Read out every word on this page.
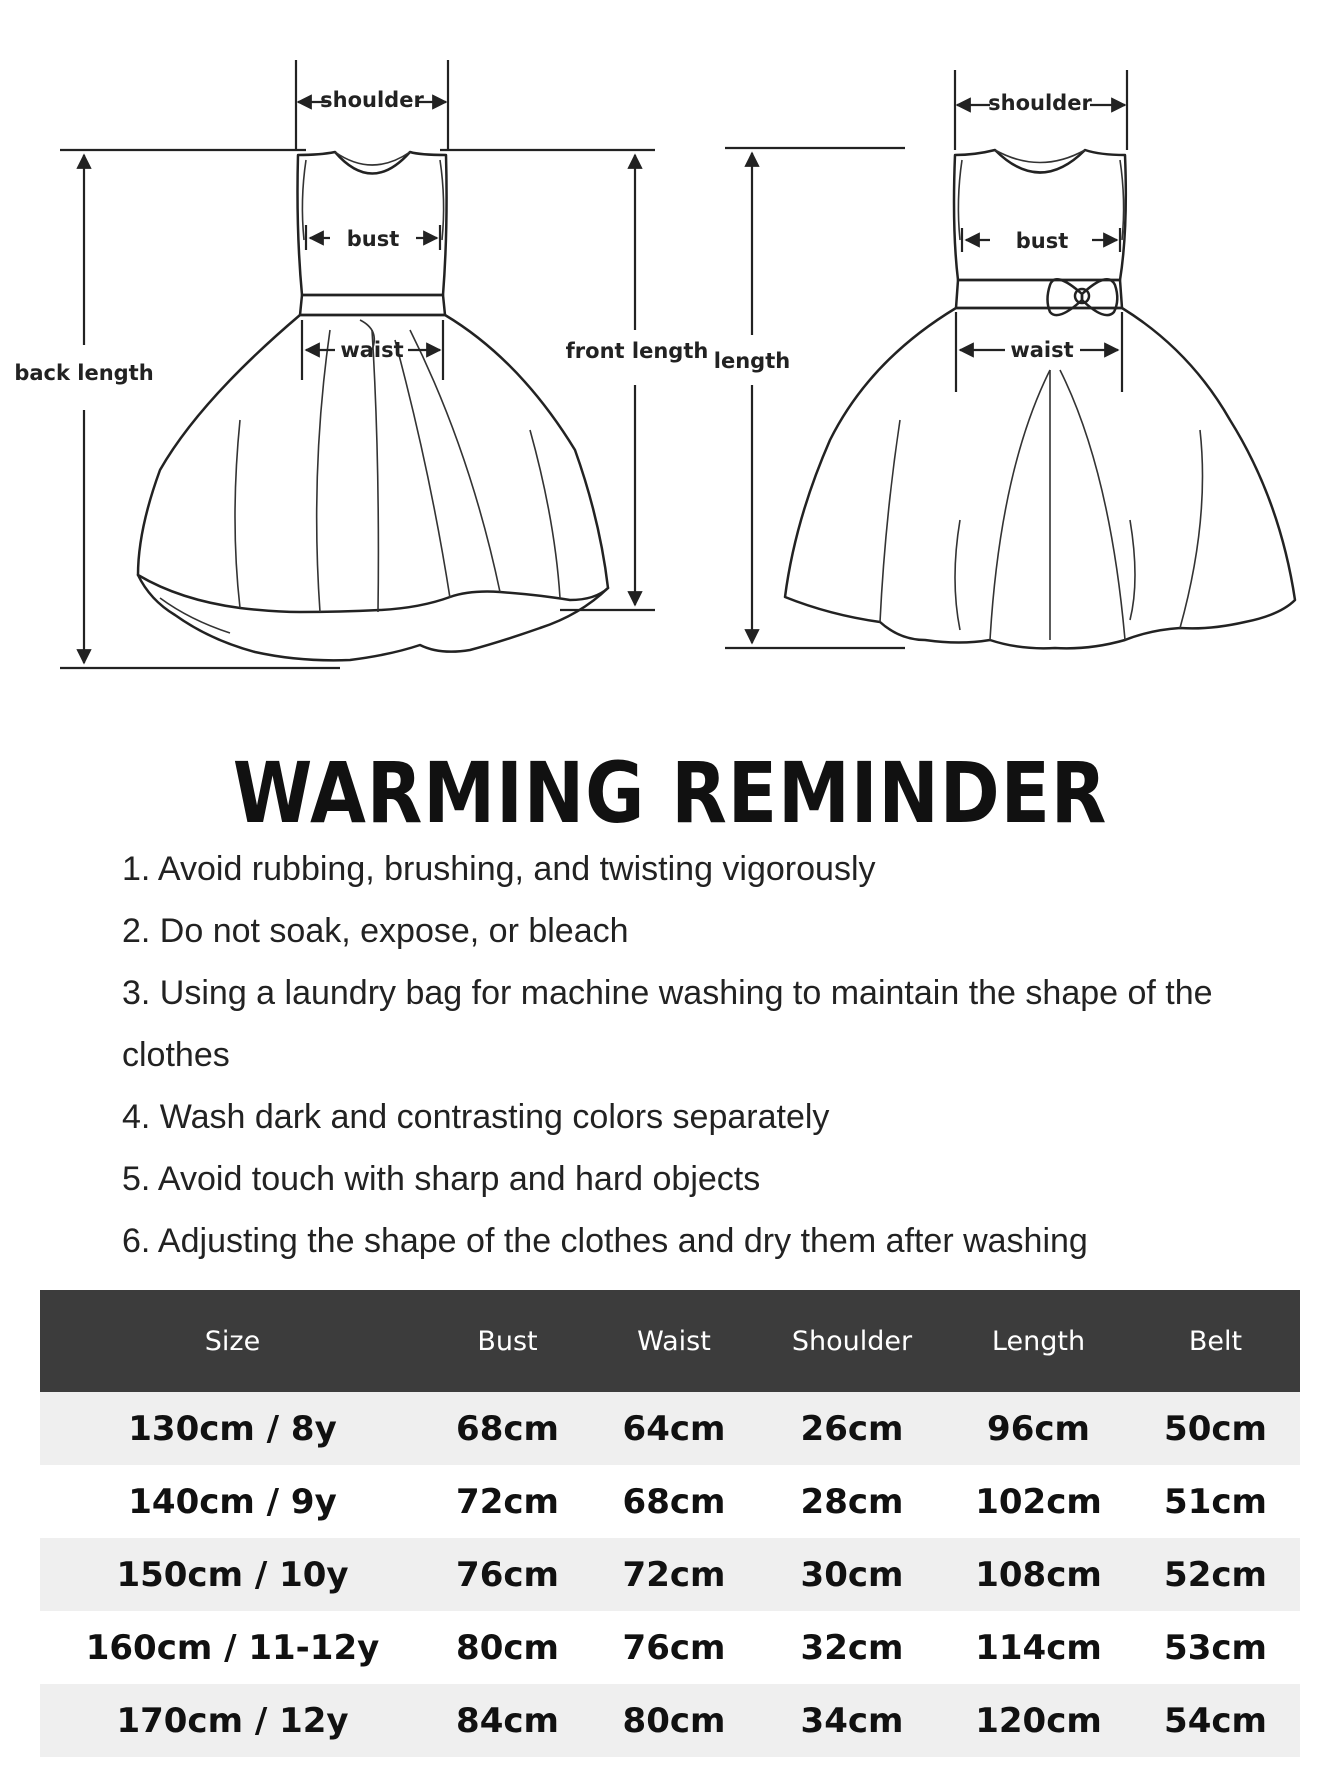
shoulder
bust
waist
back length
front length
shoulder
bust
waist
length
WARMING REMINDER
1. Avoid rubbing, brushing, and twisting vigorously
2. Do not soak, expose, or bleach
3. Using a laundry bag for machine washing to maintain the shape of the
clothes
4. Wash dark and contrasting colors separately
5. Avoid touch with sharp and hard objects
6. Adjusting the shape of the clothes and dry them after washing
Size	Bust	Waist	Shoulder	Length	Belt
130cm / 8y	68cm	64cm	26cm	96cm	50cm
140cm / 9y	72cm	68cm	28cm	102cm	51cm
150cm / 10y	76cm	72cm	30cm	108cm	52cm
160cm / 11-12y	80cm	76cm	32cm	114cm	53cm
170cm / 12y	84cm	80cm	34cm	120cm	54cm
